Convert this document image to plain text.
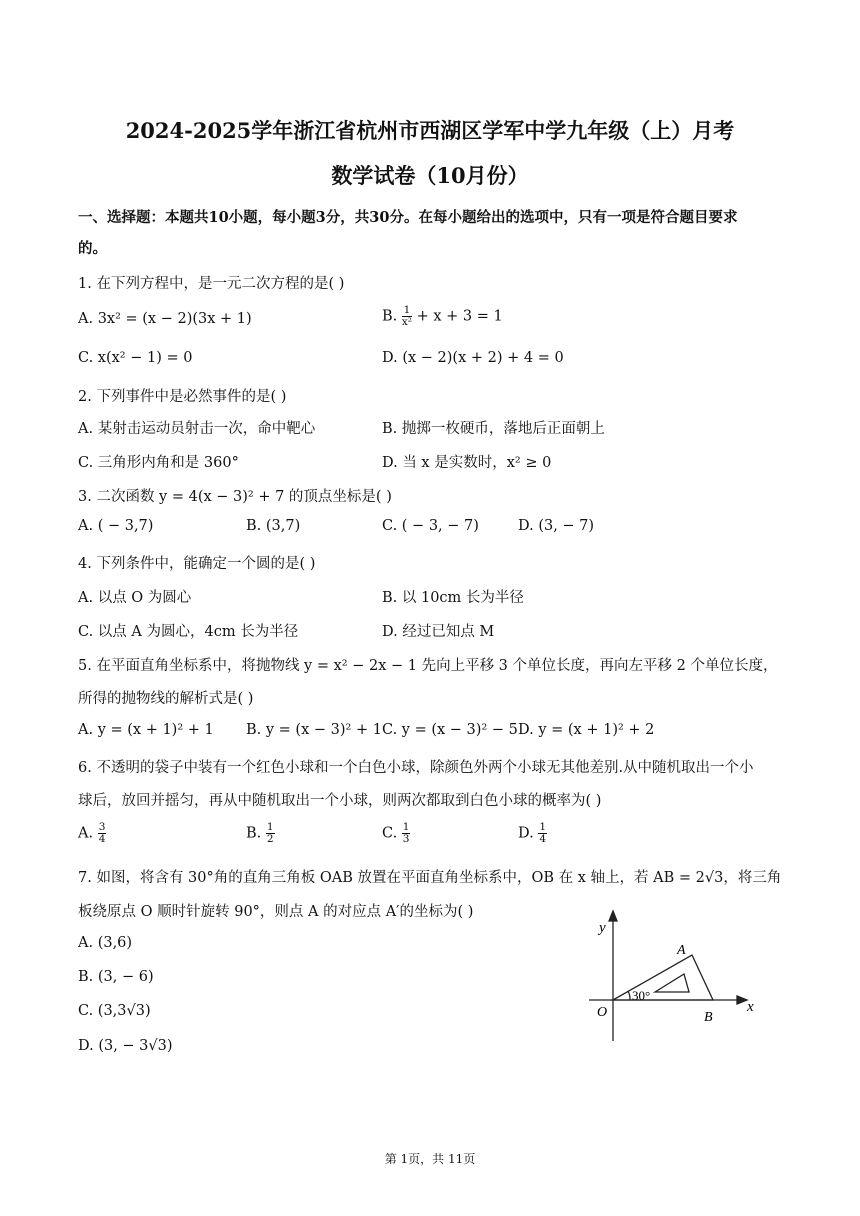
2024-2025学年浙江省杭州市西湖区学军中学九年级（上）月考
数学试卷（10月份）
一、选择题：本题共10小题，每小题3分，共30分。在每小题给出的选项中，只有一项是符合题目要求
的。
1. 在下列方程中，是一元二次方程的是( )
A. 3x² = (x − 2)(3x + 1)	B. $\frac{1}{\text{x²}} + x + 3 = 1$
C. x(x² − 1) = 0	D. (x − 2)(x + 2) + 4 = 0
2. 下列事件中是必然事件的是( )
A. 某射击运动员射击一次，命中靶心	B. 抛掷一枚硬币，落地后正面朝上
C. 三角形内角和是 360°	D. 当 x 是实数时，x² ≥ 0
3. 二次函数 y = 4(x − 3)² + 7 的顶点坐标是( )
A. ( − 3,7)	B. (3,7)	C. ( − 3, − 7)	D. (3, − 7)
4. 下列条件中，能确定一个圆的是( )
A. 以点 O 为圆心	B. 以 10cm 长为半径
C. 以点 A 为圆心，4cm 长为半径	D. 经过已知点 M
5. 在平面直角坐标系中，将抛物线 y = x² − 2x − 1 先向上平移 3 个单位长度，再向左平移 2 个单位长度，
所得的抛物线的解析式是( )
A. y = (x + 1)² + 1 B. y = (x − 3)² + 1 C. y = (x − 3)² − 5 D. y = (x + 1)² + 2
6. 不透明的袋子中装有一个红色小球和一个白色小球，除颜色外两个小球无其他差别.从中随机取出一个小
球后，放回并摇匀，再从中随机取出一个小球，则两次都取到白色小球的概率为( )
A. $\frac{3}{4}$	B. $\frac{1}{2}$	C. $\frac{1}{3}$	D. $\frac{1}{4}$
7. 如图，将含有 30°角的直角三角板 OAB 放置在平面直角坐标系中，OB 在 x 轴上，若 AB = 2√3，将三角
板绕原点 O 顺时针旋转 90°，则点 A 的对应点 A′的坐标为( )
A. (3,6)
B. (3, − 6)
C. (3,3√3)
D. (3, − 3√3)
y
x
A
O	B
30°
第 1页，共 11页
